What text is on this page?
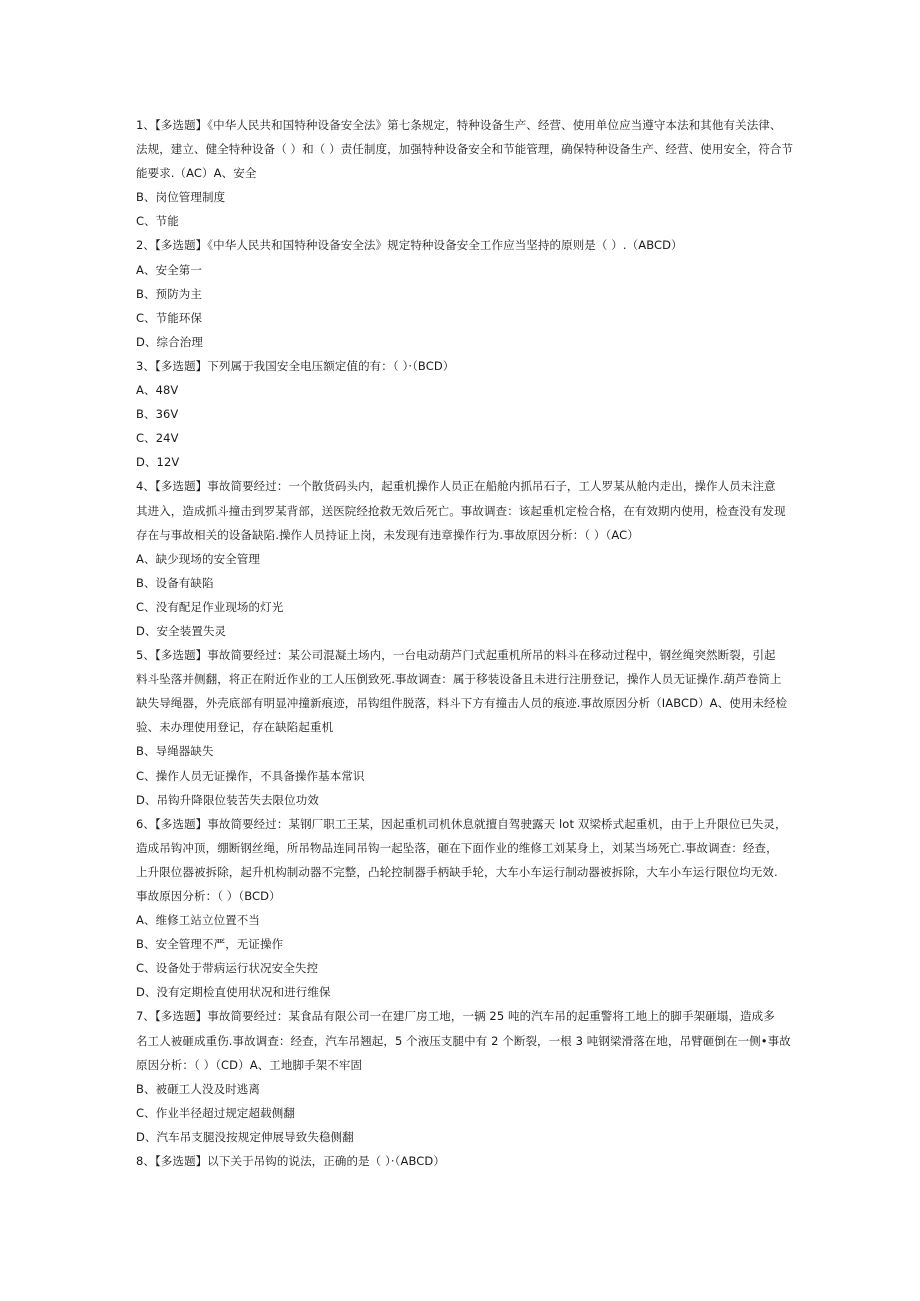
1、【多选题】《中华人民共和国特种设备安全法》第七条规定，特种设备生产、经营、使用单位应当遵守本法和其他有关法律、
法规，建立、健全特种设备（ ）和（ ）责任制度，加强特种设备安全和节能管理，确保特种设备生产、经营、使用安全，符合节
能要求.（AC）A、安全
B、岗位管理制度
C、节能
2、【多选题】《中华人民共和国特种设备安全法》规定特种设备安全工作应当坚持的原则是（ ）.（ABCD）
A、安全第一
B、预防为主
C、节能环保
D、综合治理
3、【多选题】下列属于我国安全电压额定值的有：（ ）·（BCD）
A、48V
B、36V
C、24V
D、12V
4、【多选题】事故简要经过：一个散货码头内，起重机操作人员正在船舱内抓吊石子，工人罗某从舱内走出，操作人员未注意
其进入，造成抓斗撞击到罗某背部，送医院经抢救无效后死亡。事故调查：该起重机定检合格，在有效期内使用，检查没有发现
存在与事故相关的设备缺陷.操作人员持证上岗，未发现有违章操作行为.事故原因分析：（ ）（AC）
A、缺少现场的安全管理
B、设备有缺陷
C、没有配足作业现场的灯光
D、安全装置失灵
5、【多选题】事故简要经过：某公司混凝土场内，一台电动葫芦门式起重机所吊的料斗在移动过程中，钢丝绳突然断裂，引起
料斗坠落并侧翻，将正在附近作业的工人压倒致死.事故调查：属于移装设备且未进行注册登记，操作人员无证操作.葫芦卷筒上
缺失导绳器，外壳底部有明显冲撞新痕迹，吊钩组件脱落，料斗下方有撞击人员的痕迹.事故原因分析（IABCD）A、使用未经检
验、未办理使用登记，存在缺陷起重机
B、导绳器缺失
C、操作人员无证操作，不具备操作基本常识
D、吊钩升降限位装苦失去限位功效
6、【多选题】事故简要经过：某钢厂职工王某，因起重机司机休息就擅自驾驶露天 lot 双梁桥式起重机，由于上升限位已失灵，
造成吊钩冲顶，绷断钢丝绳，所吊物品连同吊钩一起坠落，砸在下面作业的维修工刘某身上，刘某当场死亡.事故调查：经查，
上升限位器被拆除，起升机构制动器不完整，凸轮控制器手柄缺手轮，大车小车运行制动器被拆除，大车小车运行限位均无效.
事故原因分析：（ ）（BCD）
A、维修工站立位置不当
B、安全管理不严，无证操作
C、设备处于带病运行状况安全失控
D、没有定期检直使用状况和进行维保
7、【多选题】事故简要经过：某食品有限公司一在建厂房工地，一辆 25 吨的汽车吊的起重警将工地上的脚手架砸塌，造成多
名工人被砸成重伤.事故调查：经查，汽车吊翘起，5 个液压支腿中有 2 个断裂，一根 3 吨钢梁滑落在地，吊臂砸倒在一侧•事故
原因分析：（ ）（CD）A、工地脚手架不牢固
B、被砸工人没及时逃离
C、作业半径超过规定超载侧翻
D、汽车吊支腿没按规定伸展导致失稳侧翻
8、【多选题】以下关于吊钩的说法，正确的是（ ）·（ABCD）
